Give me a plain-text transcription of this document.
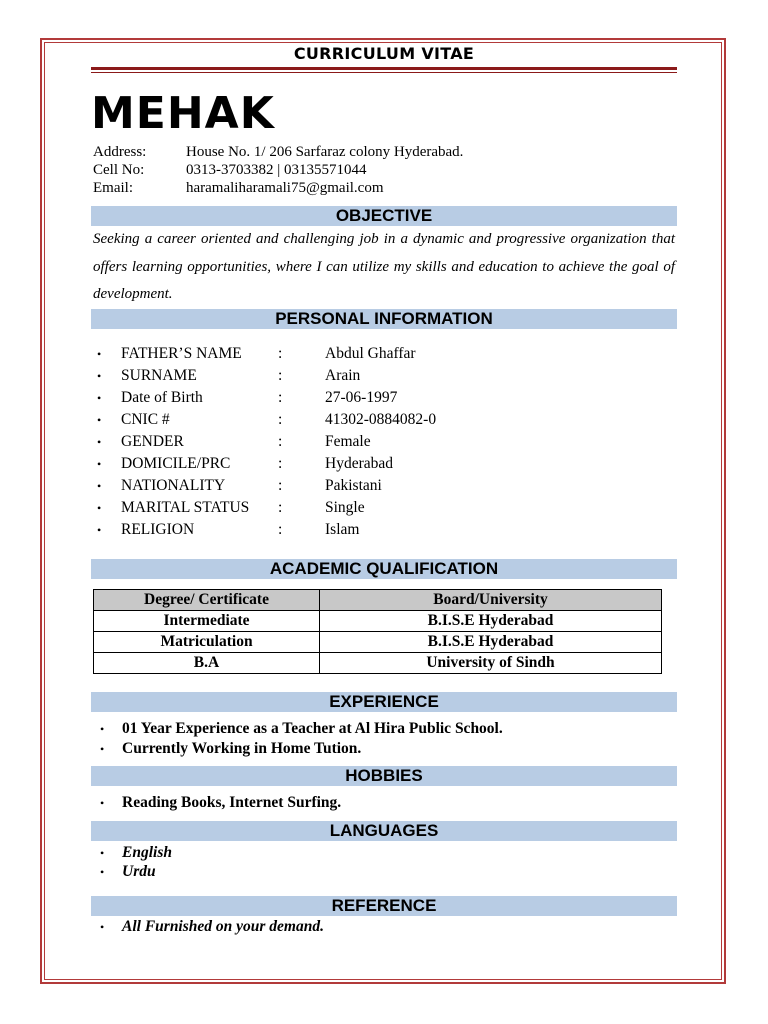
CURRICULUM VITAE
MEHAK
Address:	House No. 1/ 206 Sarfaraz colony Hyderabad.
Cell No:	0313-3703382 | 03135571044
Email:	haramaliharamali75@gmail.com
OBJECTIVE
Seeking a career oriented and challenging job in a dynamic and progressive organization that offers learning opportunities, where I can utilize my skills and education to achieve the goal of development.
PERSONAL INFORMATION
• FATHER’S NAME :	Abdul Ghaffar
• SURNAME	:	Arain
• Date of Birth	:	27-06-1997
• CNIC #	:	41302-0884082-0
• GENDER	:	Female
• DOMICILE/PRC	:	Hyderabad
• NATIONALITY	:	Pakistani
• MARITAL STATUS :	Single
• RELIGION	:	Islam
ACADEMIC QUALIFICATION
Degree/ Certificate	Board/University
Intermediate	B.I.S.E Hyderabad
Matriculation	B.I.S.E Hyderabad
B.A	University of Sindh
EXPERIENCE
• 01 Year Experience as a Teacher at Al Hira Public School.
• Currently Working in Home Tution.
HOBBIES
• Reading Books, Internet Surfing.
LANGUAGES
• English
• Urdu
REFERENCE
• All Furnished on your demand.
